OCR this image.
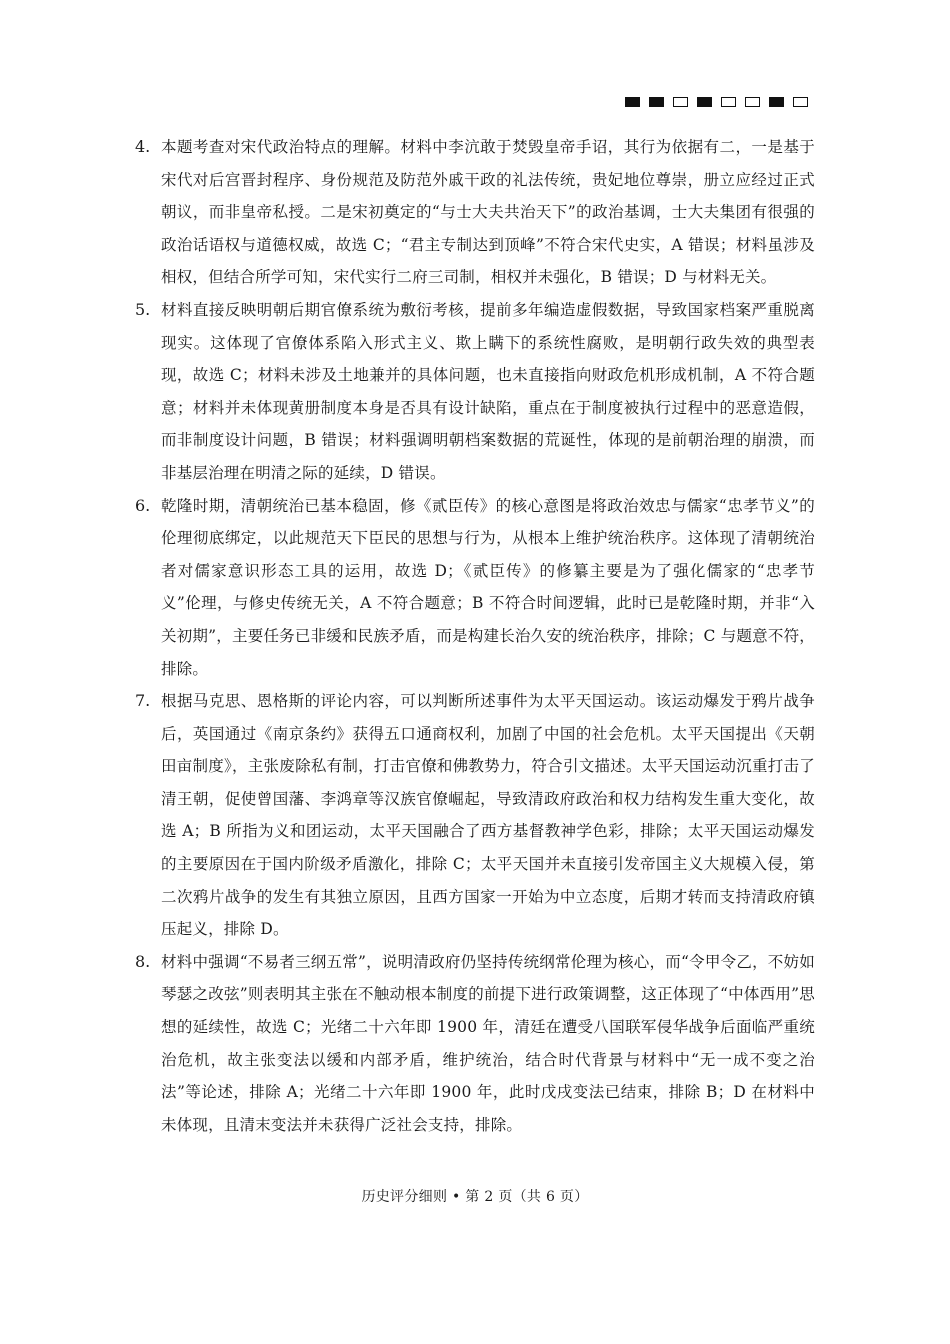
4. 本题考查对宋代政治特点的理解。材料中李沆敢于焚毁皇帝手诏，其行为依据有二，一是基于宋代对后宫晋封程序、身份规范及防范外戚干政的礼法传统，贵妃地位尊崇，册立应经过正式朝议，而非皇帝私授。二是宋初奠定的“与士大夫共治天下”的政治基调，士大夫集团有很强的政治话语权与道德权威，故选 C；“君主专制达到顶峰”不符合宋代史实，A 错误；材料虽涉及相权，但结合所学可知，宋代实行二府三司制，相权并未强化，B 错误；D 与材料无关。
5. 材料直接反映明朝后期官僚系统为敷衍考核，提前多年编造虚假数据，导致国家档案严重脱离现实。这体现了官僚体系陷入形式主义、欺上瞒下的系统性腐败，是明朝行政失效的典型表现，故选 C；材料未涉及土地兼并的具体问题，也未直接指向财政危机形成机制，A 不符合题意；材料并未体现黄册制度本身是否具有设计缺陷，重点在于制度被执行过程中的恶意造假，而非制度设计问题，B 错误；材料强调明朝档案数据的荒诞性，体现的是前朝治理的崩溃，而非基层治理在明清之际的延续，D 错误。
6. 乾隆时期，清朝统治已基本稳固，修《贰臣传》的核心意图是将政治效忠与儒家“忠孝节义”的伦理彻底绑定，以此规范天下臣民的思想与行为，从根本上维护统治秩序。这体现了清朝统治者对儒家意识形态工具的运用，故选 D；《贰臣传》的修纂主要是为了强化儒家的“忠孝节义”伦理，与修史传统无关，A 不符合题意；B 不符合时间逻辑，此时已是乾隆时期，并非“入关初期”，主要任务已非缓和民族矛盾，而是构建长治久安的统治秩序，排除；C 与题意不符，排除。
7. 根据马克思、恩格斯的评论内容，可以判断所述事件为太平天国运动。该运动爆发于鸦片战争后，英国通过《南京条约》获得五口通商权利，加剧了中国的社会危机。太平天国提出《天朝田亩制度》，主张废除私有制，打击官僚和佛教势力，符合引文描述。太平天国运动沉重打击了清王朝，促使曾国藩、李鸿章等汉族官僚崛起，导致清政府政治和权力结构发生重大变化，故选 A；B 所指为义和团运动，太平天国融合了西方基督教神学色彩，排除；太平天国运动爆发的主要原因在于国内阶级矛盾激化，排除 C；太平天国并未直接引发帝国主义大规模入侵，第二次鸦片战争的发生有其独立原因，且西方国家一开始为中立态度，后期才转而支持清政府镇压起义，排除 D。
8. 材料中强调“不易者三纲五常”，说明清政府仍坚持传统纲常伦理为核心，而“令甲令乙，不妨如琴瑟之改弦”则表明其主张在不触动根本制度的前提下进行政策调整，这正体现了“中体西用”思想的延续性，故选 C；光绪二十六年即 1900 年，清廷在遭受八国联军侵华战争后面临严重统治危机，故主张变法以缓和内部矛盾，维护统治，结合时代背景与材料中“无一成不变之治法”等论述，排除 A；光绪二十六年即 1900 年，此时戊戌变法已结束，排除 B；D 在材料中未体现，且清末变法并未获得广泛社会支持，排除。
历史评分细则 • 第 2 页（共 6 页）
